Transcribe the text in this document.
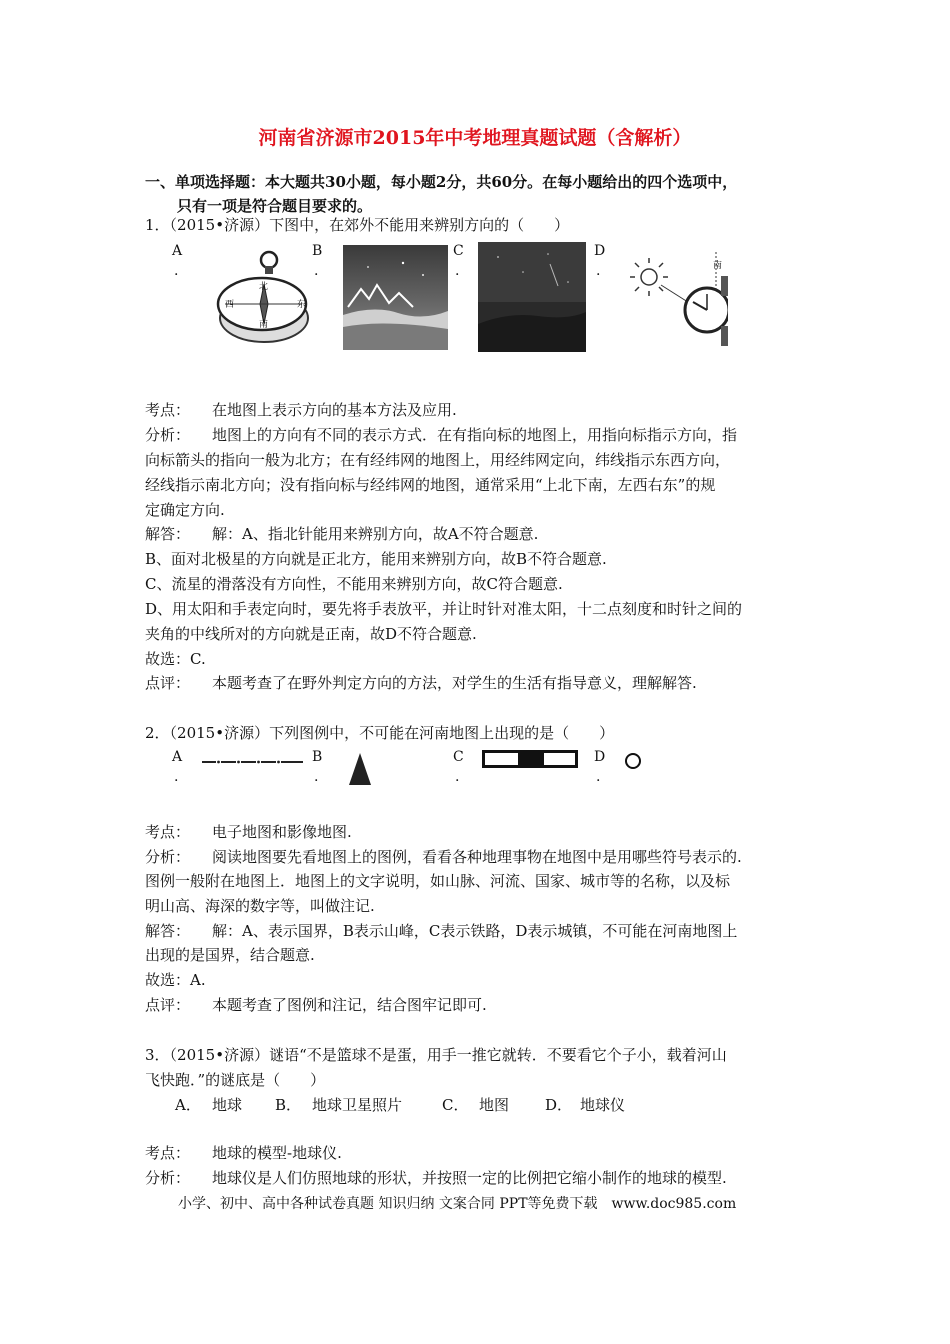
河南省济源市2015年中考地理真题试题（含解析）
一、单项选择题：本大题共30小题，每小题2分，共60分。在每小题给出的四个选项中，
只有一项是符合题目要求的。
1．（2015•济源）下图中，在郊外不能用来辨别方向的（　　）
A
.
B
.
C
.
D
.
北
南
西	东
南
考点： 在地图上表示方向的基本方法及应用.
分析： 地图上的方向有不同的表示方式．在有指向标的地图上，用指向标指示方向，指
向标箭头的指向一般为北方；在有经纬网的地图上，用经纬网定向，纬线指示东西方向，
经线指示南北方向；没有指向标与经纬网的地图，通常采用“上北下南，左西右东”的规
定确定方向.
解答： 解：A、指北针能用来辨别方向，故A不符合题意.
B、面对北极星的方向就是正北方，能用来辨别方向，故B不符合题意.
C、流星的滑落没有方向性，不能用来辨别方向，故C符合题意.
D、用太阳和手表定向时，要先将手表放平，并让时针对准太阳，十二点刻度和时针之间的
夹角的中线所对的方向就是正南，故D不符合题意.
故选：C.
点评： 本题考查了在野外判定方向的方法，对学生的生活有指导意义，理解解答.
2．（2015•济源）下列图例中，不可能在河南地图上出现的是（　　）
A
.
B
.
C
.
D
.
考点： 电子地图和影像地图.
分析： 阅读地图要先看地图上的图例，看看各种地理事物在地图中是用哪些符号表示的.
图例一般附在地图上．地图上的文字说明，如山脉、河流、国家、城市等的名称，以及标
明山高、海深的数字等，叫做注记.
解答： 解：A、表示国界，B表示山峰，C表示铁路，D表示城镇，不可能在河南地图上
出现的是国界，结合题意.
故选：A.
点评： 本题考查了图例和注记，结合图牢记即可.
3．（2015•济源）谜语“不是篮球不是蛋，用手一推它就转．不要看它个子小，载着河山
飞快跑．”的谜底是（　　）
A． 地球 B． 地球卫星照片	C． 地图 D． 地球仪
考点： 地球的模型-地球仪.
分析： 地球仪是人们仿照地球的形状，并按照一定的比例把它缩小制作的地球的模型.
小学、初中、高中各种试卷真题 知识归纳 文案合同 PPT等免费下载　www.doc985.com
